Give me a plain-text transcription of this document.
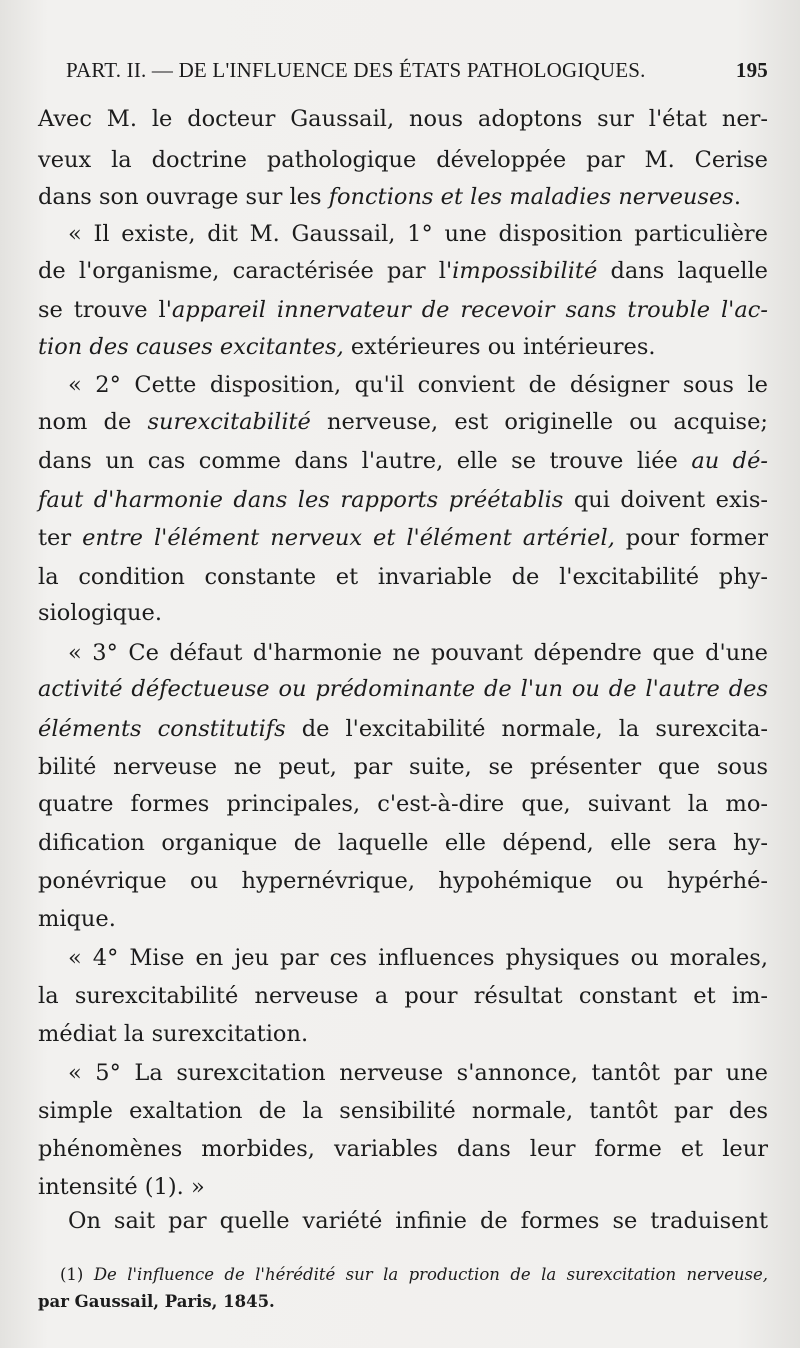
PART. II. — DE L'INFLUENCE DES ÉTATS PATHOLOGIQUES.	195
Avec M. le docteur Gaussail, nous adoptons sur l'état ner-
veux la doctrine pathologique développée par M. Cerise
dans son ouvrage sur les fonctions et les maladies nerveuses.
« Il existe, dit M. Gaussail, 1° une disposition particulière
de l'organisme, caractérisée par l'impossibilité dans laquelle
se trouve l'appareil innervateur de recevoir sans trouble l'ac-
tion des causes excitantes, extérieures ou intérieures.
« 2° Cette disposition, qu'il convient de désigner sous le
nom de surexcitabilité nerveuse, est originelle ou acquise;
dans un cas comme dans l'autre, elle se trouve liée au dé-
faut d'harmonie dans les rapports préétablis qui doivent exis-
ter entre l'élément nerveux et l'élément artériel, pour former
la condition constante et invariable de l'excitabilité phy-
siologique.
« 3° Ce défaut d'harmonie ne pouvant dépendre que d'une
activité défectueuse ou prédominante de l'un ou de l'autre des
éléments constitutifs de l'excitabilité normale, la surexcita-
bilité nerveuse ne peut, par suite, se présenter que sous
quatre formes principales, c'est-à-dire que, suivant la mo-
dification organique de laquelle elle dépend, elle sera hy-
ponévrique ou hypernévrique, hypohémique ou hypérhé-
mique.
« 4° Mise en jeu par ces influences physiques ou morales,
la surexcitabilité nerveuse a pour résultat constant et im-
médiat la surexcitation.
« 5° La surexcitation nerveuse s'annonce, tantôt par une
simple exaltation de la sensibilité normale, tantôt par des
phénomènes morbides, variables dans leur forme et leur
intensité (1). »
On sait par quelle variété infinie de formes se traduisent
(1) De l'influence de l'hérédité sur la production de la surexcitation nerveuse,
par Gaussail, Paris, 1845.
